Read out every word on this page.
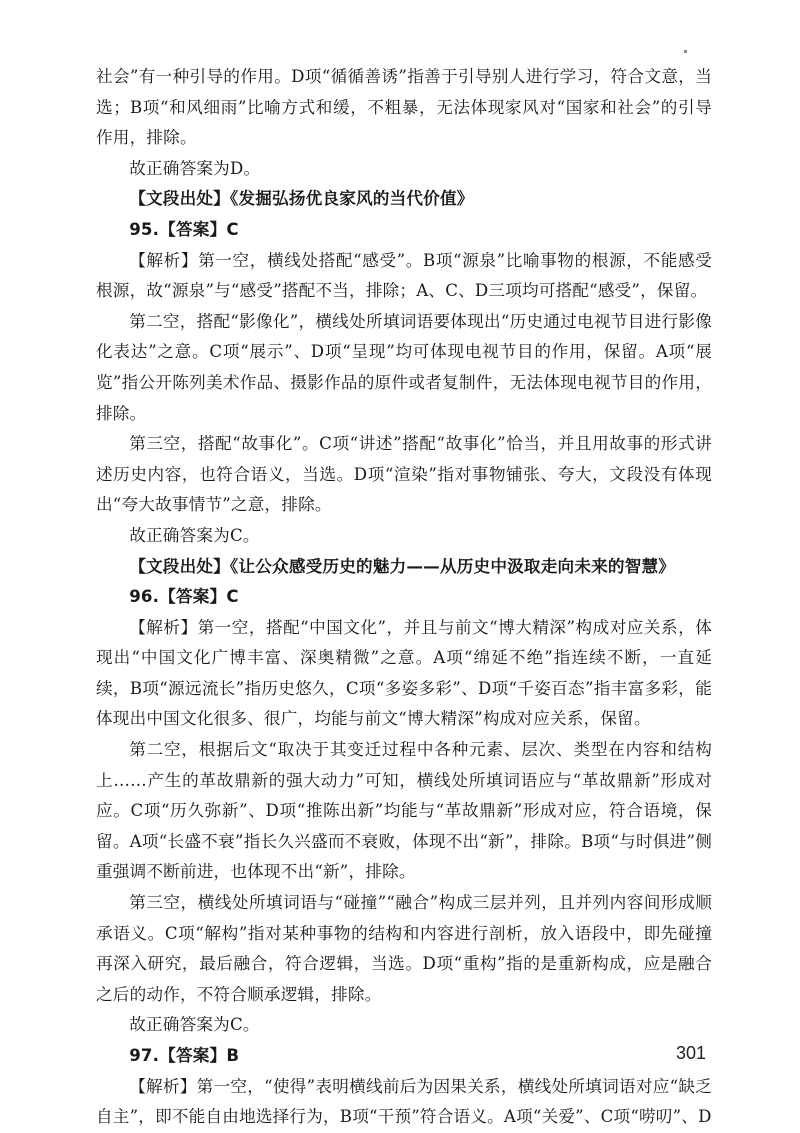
社会”有一种引导的作用。D项“循循善诱”指善于引导别人进行学习，符合文意，当选；B项“和风细雨”比喻方式和缓，不粗暴，无法体现家风对“国家和社会”的引导作用，排除。

故正确答案为D。

【文段出处】《发掘弘扬优良家风的当代价值》

95.【答案】C

【解析】第一空，横线处搭配“感受”。B项“源泉”比喻事物的根源，不能感受根源，故“源泉”与“感受”搭配不当，排除；A、C、D三项均可搭配“感受”，保留。

第二空，搭配“影像化”，横线处所填词语要体现出“历史通过电视节目进行影像化表达”之意。C项“展示”、D项“呈现”均可体现电视节目的作用，保留。A项“展览”指公开陈列美术作品、摄影作品的原件或者复制件，无法体现电视节目的作用，排除。

第三空，搭配“故事化”。C项“讲述”搭配“故事化”恰当，并且用故事的形式讲述历史内容，也符合语义，当选。D项“渲染”指对事物铺张、夸大，文段没有体现出“夸大故事情节”之意，排除。

故正确答案为C。

【文段出处】《让公众感受历史的魅力——从历史中汲取走向未来的智慧》

96.【答案】C

【解析】第一空，搭配“中国文化”，并且与前文“博大精深”构成对应关系，体现出“中国文化广博丰富、深奥精微”之意。A项“绵延不绝”指连续不断，一直延续，B项“源远流长”指历史悠久，C项“多姿多彩”、D项“千姿百态”指丰富多彩，能体现出中国文化很多、很广，均能与前文“博大精深”构成对应关系，保留。

第二空，根据后文“取决于其变迁过程中各种元素、层次、类型在内容和结构上……产生的革故鼎新的强大动力”可知，横线处所填词语应与“革故鼎新”形成对应。C项“历久弥新”、D项“推陈出新”均能与“革故鼎新”形成对应，符合语境，保留。A项“长盛不衰”指长久兴盛而不衰败，体现不出“新”，排除。B项“与时俱进”侧重强调不断前进，也体现不出“新”，排除。

第三空，横线处所填词语与“碰撞”“融合”构成三层并列，且并列内容间形成顺承语义。C项“解构”指对某种事物的结构和内容进行剖析，放入语段中，即先碰撞再深入研究，最后融合，符合逻辑，当选。D项“重构”指的是重新构成，应是融合之后的动作，不符合顺承逻辑，排除。

故正确答案为C。

97.【答案】B

【解析】第一空，“使得”表明横线前后为因果关系，横线处所填词语对应“缺乏自主”，即不能自由地选择行为，B项“干预”符合语义。A项“关爱”、C项“唠叨”、D

301
